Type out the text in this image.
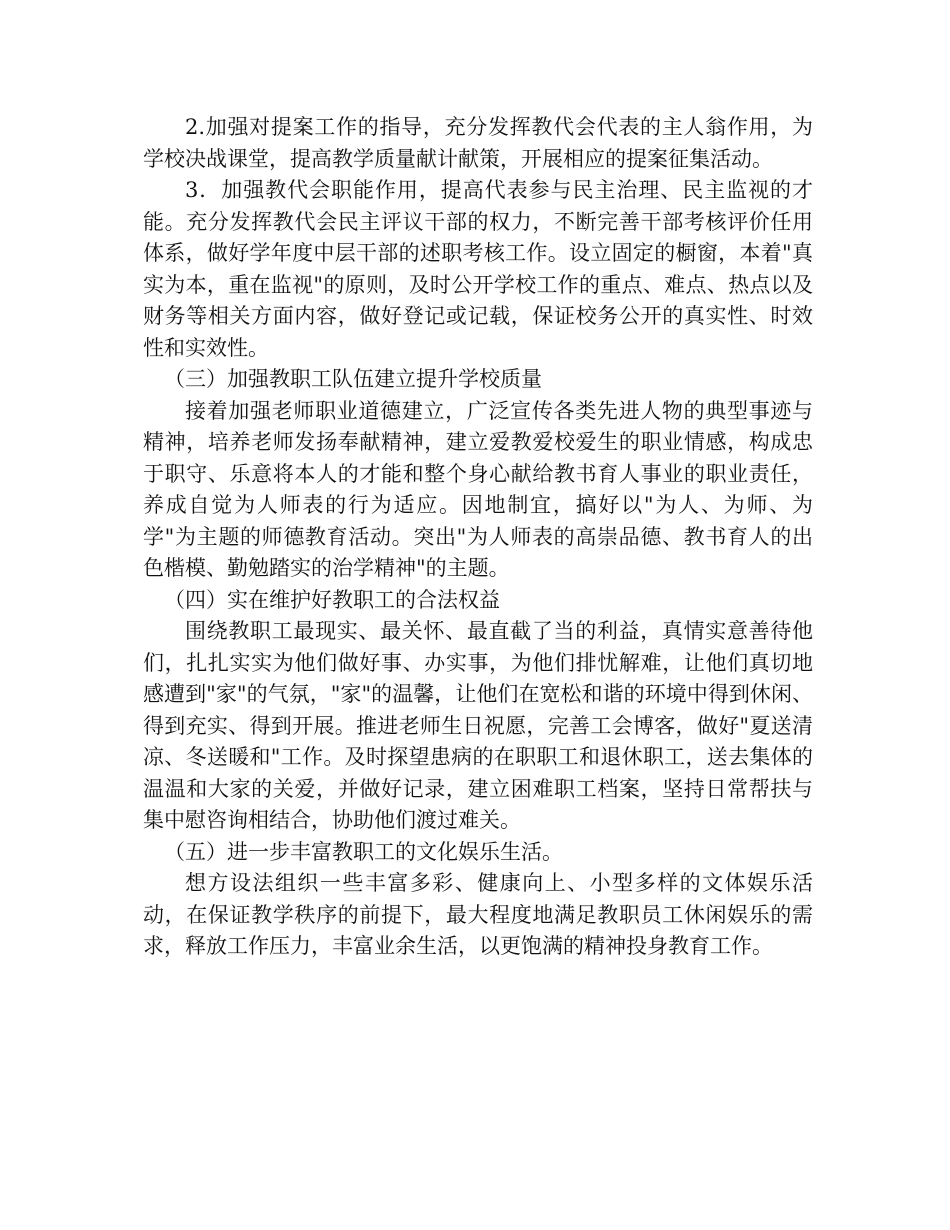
2.加强对提案工作的指导，充分发挥教代会代表的主人翁作用，为学校决战课堂，提高教学质量献计献策，开展相应的提案征集活动。

3．加强教代会职能作用，提高代表参与民主治理、民主监视的才能。充分发挥教代会民主评议干部的权力，不断完善干部考核评价任用体系，做好学年度中层干部的述职考核工作。设立固定的橱窗，本着"真实为本，重在监视"的原则，及时公开学校工作的重点、难点、热点以及财务等相关方面内容，做好登记或记载，保证校务公开的真实性、时效性和实效性。

（三）加强教职工队伍建立提升学校质量

接着加强老师职业道德建立，广泛宣传各类先进人物的典型事迹与精神，培养老师发扬奉献精神，建立爱教爱校爱生的职业情感，构成忠于职守、乐意将本人的才能和整个身心献给教书育人事业的职业责任，养成自觉为人师表的行为适应。因地制宜，搞好以"为人、为师、为学"为主题的师德教育活动。突出"为人师表的高崇品德、教书育人的出色楷模、勤勉踏实的治学精神"的主题。

（四）实在维护好教职工的合法权益

围绕教职工最现实、最关怀、最直截了当的利益，真情实意善待他们，扎扎实实为他们做好事、办实事，为他们排忧解难，让他们真切地感遭到"家"的气氛，"家"的温馨，让他们在宽松和谐的环境中得到休闲、得到充实、得到开展。推进老师生日祝愿，完善工会博客，做好"夏送清凉、冬送暖和"工作。及时探望患病的在职职工和退休职工，送去集体的温温和大家的关爱，并做好记录，建立困难职工档案，坚持日常帮扶与集中慰咨询相结合，协助他们渡过难关。

（五）进一步丰富教职工的文化娱乐生活。

想方设法组织一些丰富多彩、健康向上、小型多样的文体娱乐活动，在保证教学秩序的前提下，最大程度地满足教职员工休闲娱乐的需求，释放工作压力，丰富业余生活，以更饱满的精神投身教育工作。
